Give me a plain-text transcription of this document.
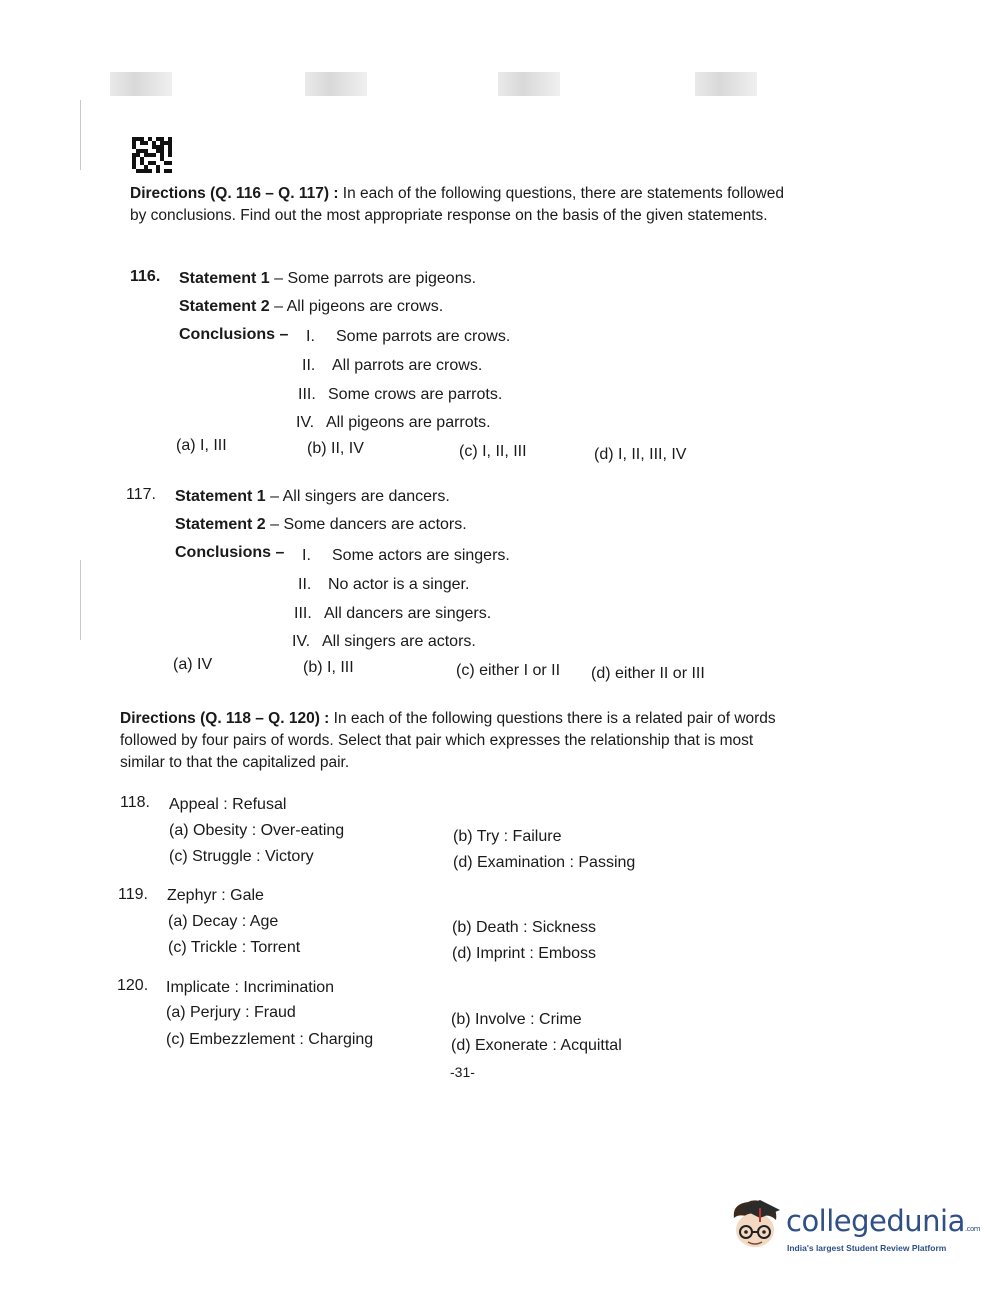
Directions (Q. 116 – Q. 117) : In each of the following questions, there are statements followed by conclusions. Find out the most appropriate response on the basis of the given statements.
116. Statement 1 – Some parrots are pigeons.
Statement 2 – All pigeons are crows.
Conclusions – I. Some parrots are crows.
II. All parrots are crows.
III. Some crows are parrots.
IV. All pigeons are parrots.
(a) I, III	(b) II, IV	(c) I, II, III	(d) I, II, III, IV
117. Statement 1 – All singers are dancers.
Statement 2 – Some dancers are actors.
Conclusions – I. Some actors are singers.
II. No actor is a singer.
III. All dancers are singers.
IV. All singers are actors.
(a) IV	(b) I, III	(c) either I or II (d) either II or III
Directions (Q. 118 – Q. 120) : In each of the following questions there is a related pair of words followed by four pairs of words. Select that pair which expresses the relationship that is most similar to that the capitalized pair.
118. Appeal : Refusal
(a) Obesity : Over-eating	(b) Try : Failure
(c) Struggle : Victory	(d) Examination : Passing
119. Zephyr : Gale
(a) Decay : Age	(b) Death : Sickness
(c) Trickle : Torrent	(d) Imprint : Emboss
120. Implicate : Incrimination
(a) Perjury : Fraud	(b) Involve : Crime
(c) Embezzlement : Charging	(d) Exonerate : Acquittal
-31-
collegedunia.com
India's largest Student Review Platform
